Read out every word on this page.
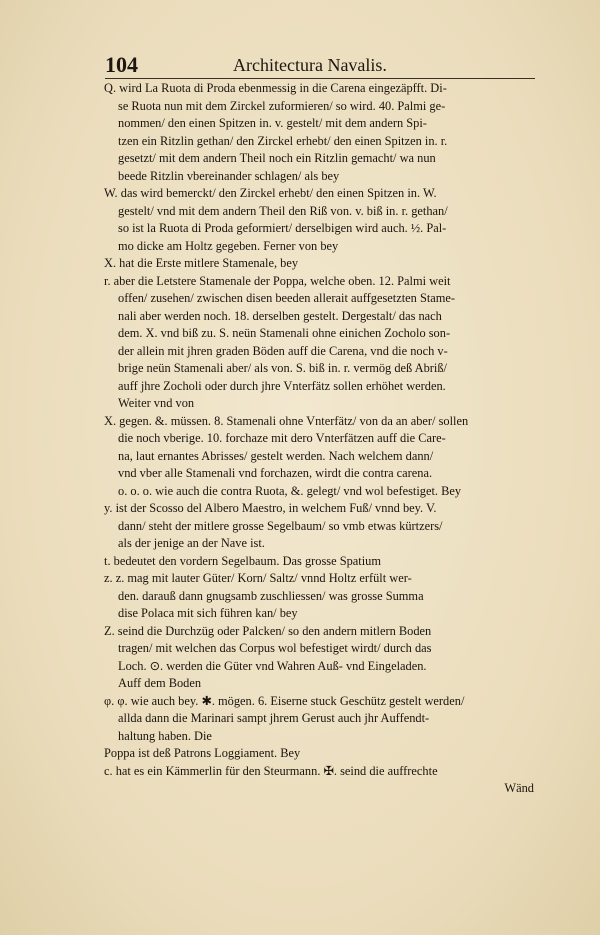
104	Architectura Navalis.
Q. wird La Ruota di Proda ebenmessig in die Carena eingezäpfft. Di-
se Ruota nun mit dem Zirckel zuformieren/ so wird. 40. Palmi ge-
nommen/ den einen Spitzen in. v. gestelt/ mit dem andern Spi-
tzen ein Ritzlin gethan/ den Zirckel erhebt/ den einen Spitzen in. r.
gesetzt/ mit dem andern Theil noch ein Ritzlin gemacht/ wa nun
beede Ritzlin vbereinander schlagen/ als bey
W. das wird bemerckt/ den Zirckel erhebt/ den einen Spitzen in. W.
gestelt/ vnd mit dem andern Theil den Riß von. v. biß in. r. gethan/
so ist la Ruota di Proda geformiert/ derselbigen wird auch. ½. Pal-
mo dicke am Holtz gegeben. Ferner von bey
X. hat die Erste mitlere Stamenale, bey
r. aber die Letstere Stamenale der Poppa, welche oben. 12. Palmi weit
offen/ zusehen/ zwischen disen beeden allerait auffgesetzten Stame-
nali aber werden noch. 18. derselben gestelt. Dergestalt/ das nach
dem. X. vnd biß zu. S. neün Stamenali ohne einichen Zocholo son-
der allein mit jhren graden Böden auff die Carena, vnd die noch v-
brige neün Stamenali aber/ als von. S. biß in. r. vermög deß Abriß/
auff jhre Zocholi oder durch jhre Vnterfätz sollen erhöhet werden.
Weiter vnd von
X. gegen. &. müssen. 8. Stamenali ohne Vnterfätz/ von da an aber/ sollen
die noch vberige. 10. forchaze mit dero Vnterfätzen auff die Care-
na, laut ernantes Abrisses/ gestelt werden. Nach welchem dann/
vnd vber alle Stamenali vnd forchazen, wirdt die contra carena.
o. o. o. wie auch die contra Ruota, &. gelegt/ vnd wol befestiget. Bey
y. ist der Scosso del Albero Maestro, in welchem Fuß/ vnnd bey. V.
dann/ steht der mitlere grosse Segelbaum/ so vmb etwas kürtzers/
als der jenige an der Nave ist.
t. bedeutet den vordern Segelbaum. Das grosse Spatium
z. z. mag mit lauter Güter/ Korn/ Saltz/ vnnd Holtz erfült wer-
den. darauß dann gnugsamb zuschliessen/ was grosse Summa
dise Polaca mit sich führen kan/ bey
Z. seind die Durchzüg oder Palcken/ so den andern mitlern Boden
tragen/ mit welchen das Corpus wol befestiget wirdt/ durch das
Loch. ⊙. werden die Güter vnd Wahren Auß- vnd Eingeladen.
Auff dem Boden
φ. φ. wie auch bey. ✱. mögen. 6. Eiserne stuck Geschütz gestelt werden/
allda dann die Marinari sampt jhrem Gerust auch jhr Auffendt-
haltung haben. Die
Poppa ist deß Patrons Loggiament. Bey
c. hat es ein Kämmerlin für den Steurmann. ✠. seind die auffrechte
Wänd
